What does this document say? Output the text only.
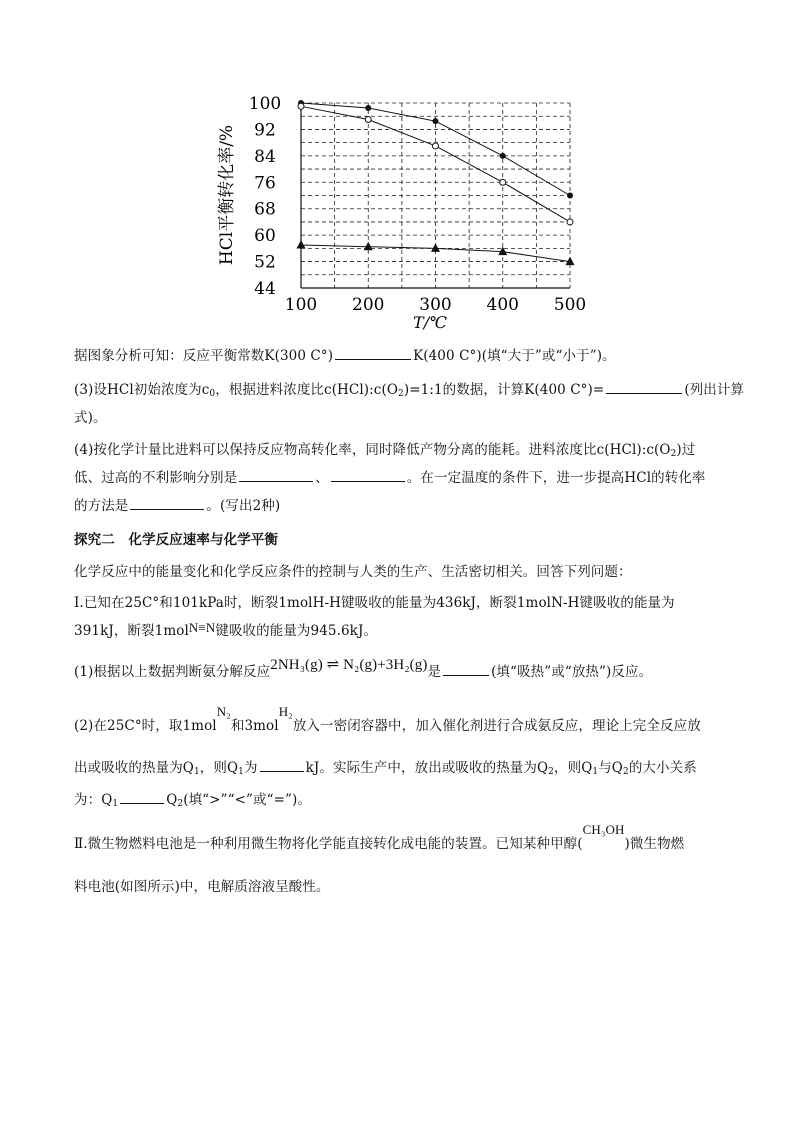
100
92
84
76
68
60
52
44
100 200 300 400 500
HCl平衡转化率/%
T/℃
据图象分析可知：反应平衡常数K(300 C°)	K(400 C°)(填“大于”或“小于”)。
(3)设HCl初始浓度为$c_0$，根据进料浓度比$c(HCl):c(O_2)=1:1$的数据，计算K(400 C°)=	(列出计算
式)。
(4)按化学计量比进料可以保持反应物高转化率，同时降低产物分离的能耗。进料浓度比$c(HCl):c(O_2)$过
低、过高的不利影响分别是	、	。在一定温度的条件下，进一步提高HCl的转化率
的方法是	。(写出2种)
探究二　化学反应速率与化学平衡
化学反应中的能量变化和化学反应条件的控制与人类的生产、生活密切相关。回答下列问题：
Ⅰ.已知在25C°和101kPa时，断裂1molH-H键吸收的能量为436kJ，断裂1molN-H键吸收的能量为
391kJ，断裂1molN≡N键吸收的能量为945.6kJ。
(1)根据以上数据判断氨分解反应2NH₃(g) ⇌ N₂(g)+3H₂(g)是	(填“吸热”或“放热”)反应。
(2)在25C°时，取1molN₂和3molH₂放入一密闭容器中，加入催化剂进行合成氨反应，理论上完全反应放
出或吸收的热量为$Q_1$，则$Q_1$为	kJ。实际生产中，放出或吸收的热量为$Q_2$，则$Q_1$与$Q_2$的大小关系
为：$Q_1$	$Q_2$(填“>”“<”或“=”)。
Ⅱ.微生物燃料电池是一种利用微生物将化学能直接转化成电能的装置。已知某种甲醇(CH₃OH)微生物燃
料电池(如图所示)中，电解质溶液呈酸性。
